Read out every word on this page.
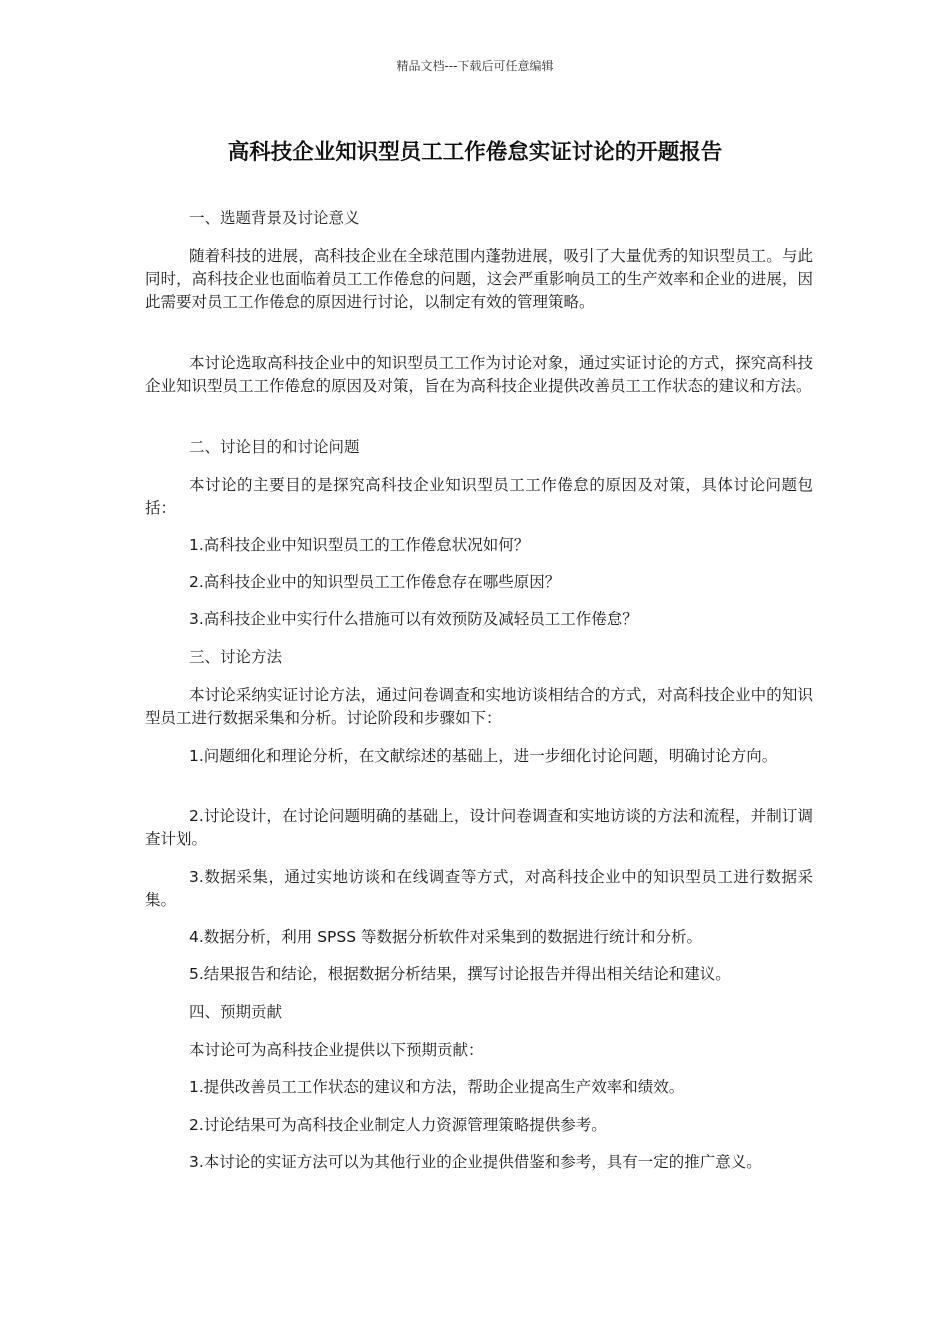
精品文档---下载后可任意编辑
高科技企业知识型员工工作倦怠实证讨论的开题报告

一、选题背景及讨论意义

随着科技的进展，高科技企业在全球范围内蓬勃进展，吸引了大量优秀的知识型员工。与此同时，高科技企业也面临着员工工作倦怠的问题，这会严重影响员工的生产效率和企业的进展，因此需要对员工工作倦怠的原因进行讨论，以制定有效的管理策略。

本讨论选取高科技企业中的知识型员工工作为讨论对象，通过实证讨论的方式，探究高科技企业知识型员工工作倦怠的原因及对策，旨在为高科技企业提供改善员工工作状态的建议和方法。

二、讨论目的和讨论问题

本讨论的主要目的是探究高科技企业知识型员工工作倦怠的原因及对策，具体讨论问题包括：

1.高科技企业中知识型员工的工作倦怠状况如何？

2.高科技企业中的知识型员工工作倦怠存在哪些原因？

3.高科技企业中实行什么措施可以有效预防及减轻员工工作倦怠？

三、讨论方法

本讨论采纳实证讨论方法，通过问卷调查和实地访谈相结合的方式，对高科技企业中的知识型员工进行数据采集和分析。讨论阶段和步骤如下：

1.问题细化和理论分析，在文献综述的基础上，进一步细化讨论问题，明确讨论方向。

2.讨论设计，在讨论问题明确的基础上，设计问卷调查和实地访谈的方法和流程，并制订调查计划。

3.数据采集，通过实地访谈和在线调查等方式，对高科技企业中的知识型员工进行数据采集。

4.数据分析，利用 SPSS 等数据分析软件对采集到的数据进行统计和分析。

5.结果报告和结论，根据数据分析结果，撰写讨论报告并得出相关结论和建议。

四、预期贡献

本讨论可为高科技企业提供以下预期贡献：

1.提供改善员工工作状态的建议和方法，帮助企业提高生产效率和绩效。

2.讨论结果可为高科技企业制定人力资源管理策略提供参考。

3.本讨论的实证方法可以为其他行业的企业提供借鉴和参考，具有一定的推广意义。
